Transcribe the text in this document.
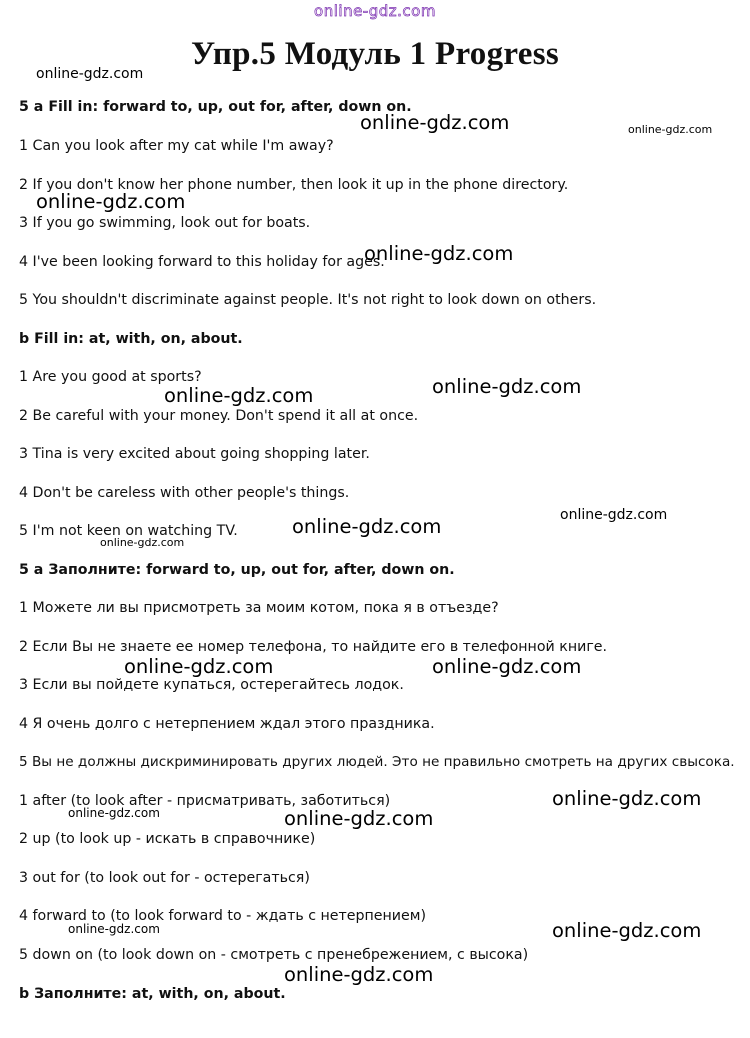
online-gdz.com
Упр.5 Модуль 1 Progress
5 a Fill in: forward to, up, out for, after, down on.
1 Can you look after my cat while I'm away?
2 If you don't know her phone number, then look it up in the phone directory.
3 If you go swimming, look out for boats.
4 I've been looking forward to this holiday for ages.
5 You shouldn't discriminate against people. It's not right to look down on others.
b Fill in: at, with, on, about.
1 Are you good at sports?
2 Be careful with your money. Don't spend it all at once.
3 Tina is very excited about going shopping later.
4 Don't be careless with other people's things.
5 I'm not keen on watching TV.
5 a Заполните: forward to, up, out for, after, down on.
1 Можете ли вы присмотреть за моим котом, пока я в отъезде?
2 Если Вы не знаете ее номер телефона, то найдите его в телефонной книге.
3 Если вы пойдете купаться, остерегайтесь лодок.
4 Я очень долго с нетерпением ждал этого праздника.
5 Вы не должны дискриминировать других людей. Это не правильно смотреть на других свысока.
1 after (to look after - присматривать, заботиться)
2 up (to look up - искать в справочнике)
3 out for (to look out for - остерегаться)
4 forward to (to look forward to - ждать с нетерпением)
5 down on (to look down on - смотреть с пренебрежением, с высока)
b Заполните: at, with, on, about.
online-gdz.com
online-gdz.com	online-gdz.com
online-gdz.com
online-gdz.com
online-gdz.com	online-gdz.com
online-gdz.com
online-gdz.com
online-gdz.com
online-gdz.com	online-gdz.com
online-gdz.com
online-gdz.com	online-gdz.com
online-gdz.com
online-gdz.com
online-gdz.com
